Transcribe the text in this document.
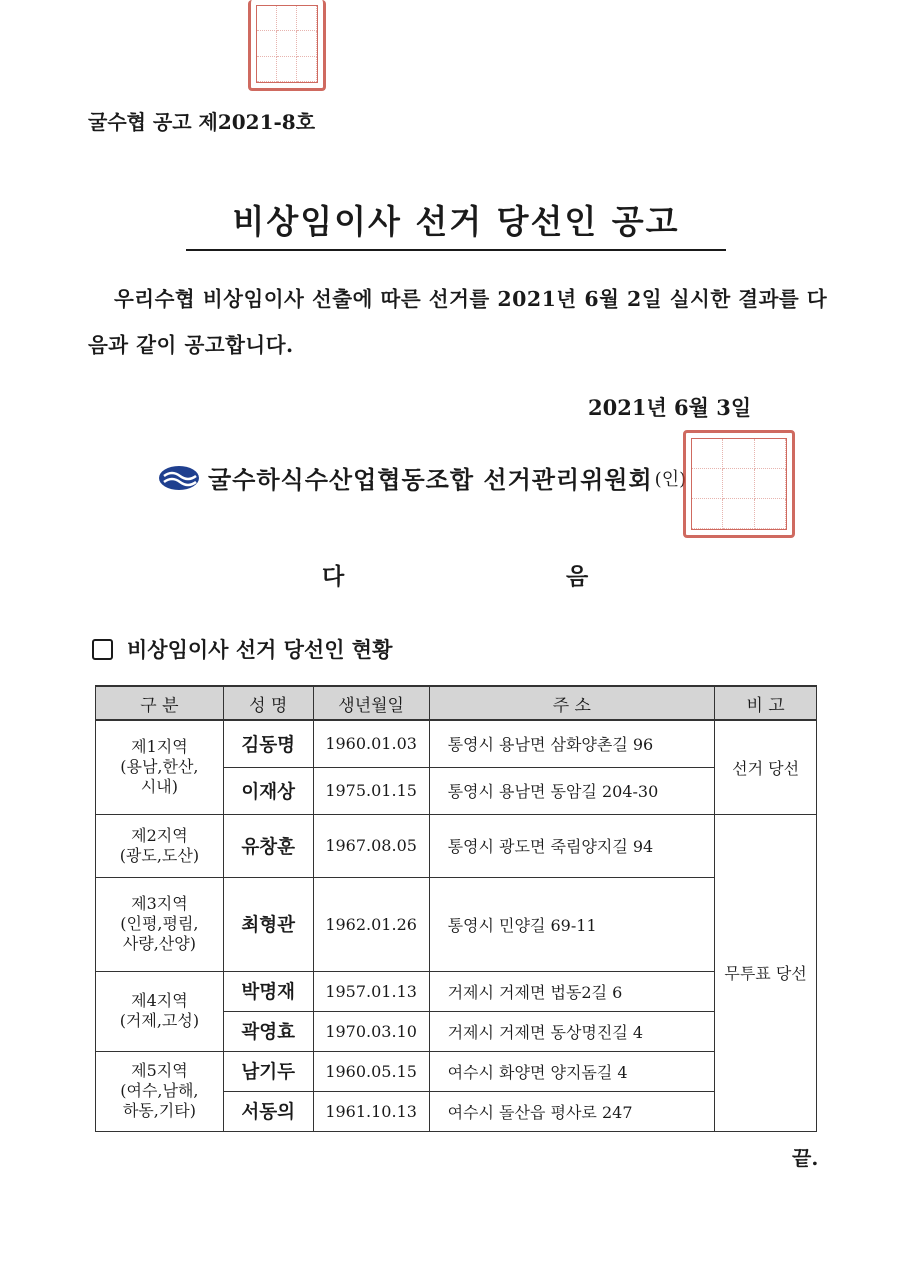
굴수협 공고 제2021-8호
비상임이사 선거 당선인 공고
우리수협 비상임이사 선출에 따른 선거를 2021년 6월 2일 실시한 결과를 다음과 같이 공고합니다.
2021년 6월 3일
굴수하식수산업협동조합 선거관리위원회 (인)
다	음
비상임이사 선거 당선인 현황
구 분	성 명	생년월일	주 소	비 고

제1지역
(용남,한산,
시내)	김동명	1960.01.03	통영시 용남면 삼화양촌길 96	선거 당선
	이재상	1975.01.15	통영시 용남면 동암길 204-30	

제2지역
(광도,도산)	유창훈	1967.08.05	통영시 광도면 죽림양지길 94	무투표 당선

제3지역
(인평,평림,
사량,산양)	최형관	1962.01.26	통영시 민양길 69-11	

제4지역
(거제,고성)	박명재	1957.01.13	거제시 거제면 법동2길 6	
	곽영효	1970.03.10	거제시 거제면 동상명진길 4	

제5지역
(여수,남해,
하동,기타)	남기두	1960.05.15	여수시 화양면 양지돔길 4	
	서동의	1961.10.13	여수시 돌산읍 평사로 247	
끝.
